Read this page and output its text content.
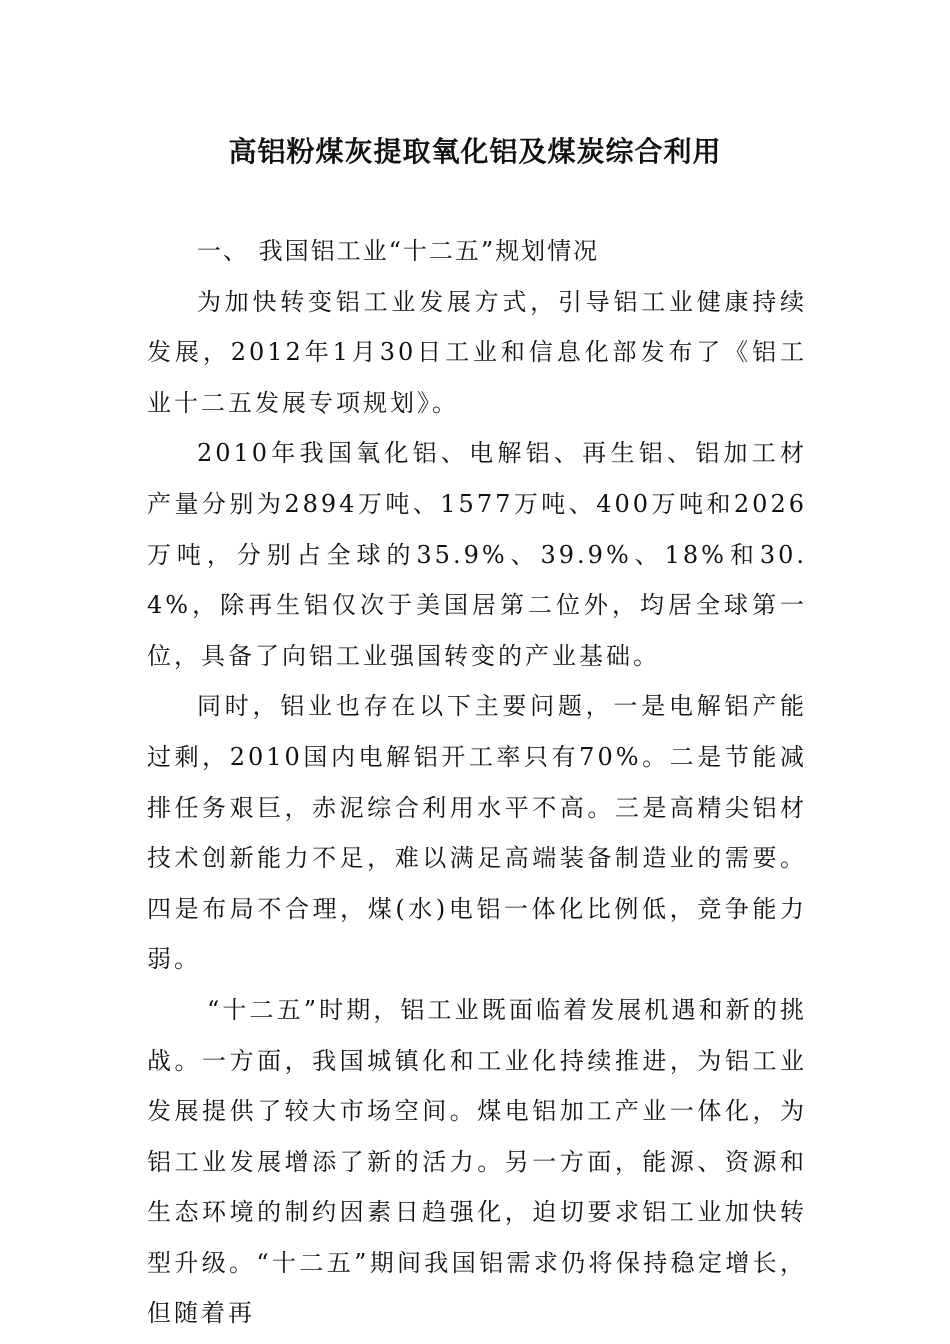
高铝粉煤灰提取氧化铝及煤炭综合利用

一、 我国铝工业“十二五”规划情况

为加快转变铝工业发展方式，引导铝工业健康持续发展，2012年1月30日工业和信息化部发布了《铝工业十二五发展专项规划》。

2010年我国氧化铝、电解铝、再生铝、铝加工材产量分别为2894万吨、1577万吨、400万吨和2026万吨，分别占全球的35.9%、39.9%、18%和30.4%，除再生铝仅次于美国居第二位外，均居全球第一位，具备了向铝工业强国转变的产业基础。

同时，铝业也存在以下主要问题，一是电解铝产能过剩，2010国内电解铝开工率只有70%。二是节能减排任务艰巨，赤泥综合利用水平不高。三是高精尖铝材技术创新能力不足，难以满足高端装备制造业的需要。四是布局不合理，煤(水)电铝一体化比例低，竞争能力弱。

“十二五”时期，铝工业既面临着发展机遇和新的挑战。一方面，我国城镇化和工业化持续推进，为铝工业发展提供了较大市场空间。煤电铝加工产业一体化，为铝工业发展增添了新的活力。另一方面，能源、资源和生态环境的制约因素日趋强化，迫切要求铝工业加快转型升级。“十二五”期间我国铝需求仍将保持稳定增长，但随着再
